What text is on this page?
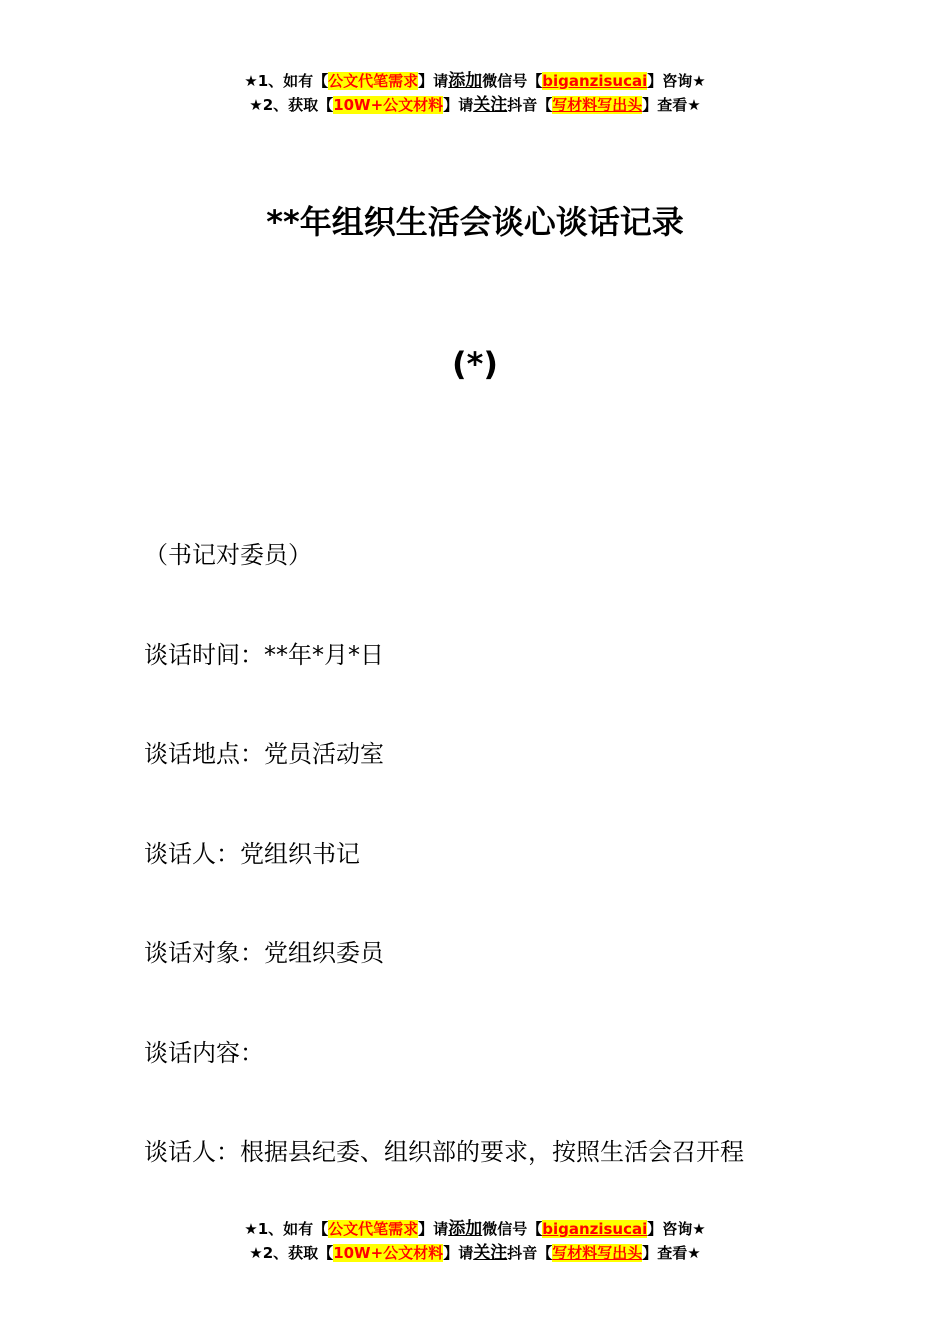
★1、如有【公文代笔需求】请添加微信号【biganzisucai】咨询★
★2、获取【10W+公文材料】请关注抖音【写材料写出头】查看★
**年组织生活会谈心谈话记录
(*)
（书记对委员）
谈话时间：**年*月*日
谈话地点：党员活动室
谈话人：党组织书记
谈话对象：党组织委员
谈话内容：
谈话人：根据县纪委、组织部的要求，按照生活会召开程
★1、如有【公文代笔需求】请添加微信号【biganzisucai】咨询★
★2、获取【10W+公文材料】请关注抖音【写材料写出头】查看★
